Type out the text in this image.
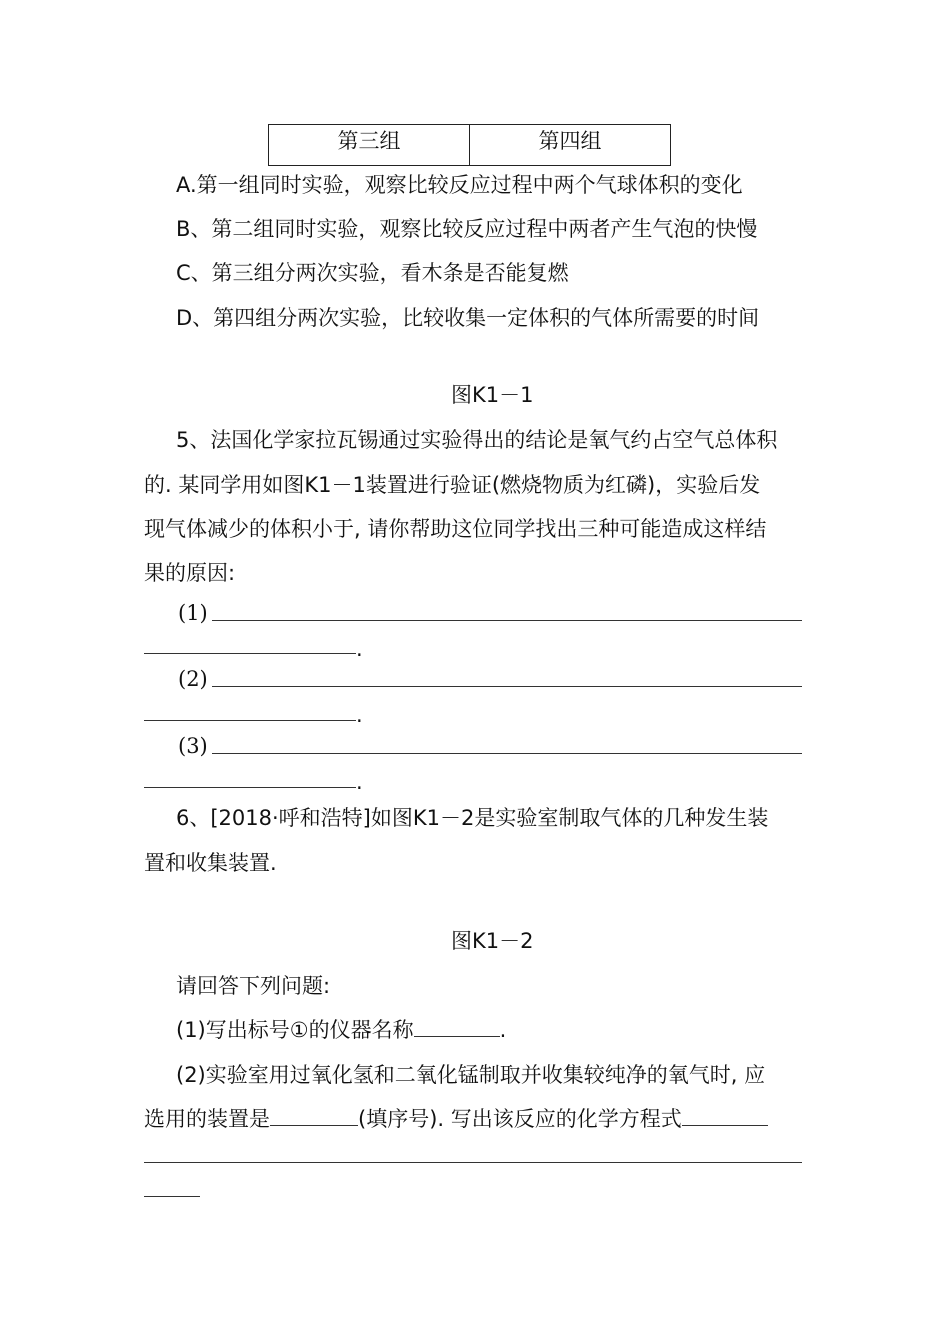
第三组	第四组
A.第一组同时实验，观察比较反应过程中两个气球体积的变化
B、第二组同时实验，观察比较反应过程中两者产生气泡的快慢
C、第三组分两次实验，看木条是否能复燃
D、第四组分两次实验，比较收集一定体积的气体所需要的时间
图K1－1
5、法国化学家拉瓦锡通过实验得出的结论是氧气约占空气总体积
的. 某同学用如图K1－1装置进行验证(燃烧物质为红磷)，实验后发
现气体减少的体积小于, 请你帮助这位同学找出三种可能造成这样结
果的原因:
(1)
.
(2)
.
(3)
.
6、[2018·呼和浩特]如图K1－2是实验室制取气体的几种发生装
置和收集装置.
图K1－2
请回答下列问题:
(1)写出标号①的仪器名称	.
(2)实验室用过氧化氢和二氧化锰制取并收集较纯净的氧气时, 应
选用的装置是	(填序号). 写出该反应的化学方程式
